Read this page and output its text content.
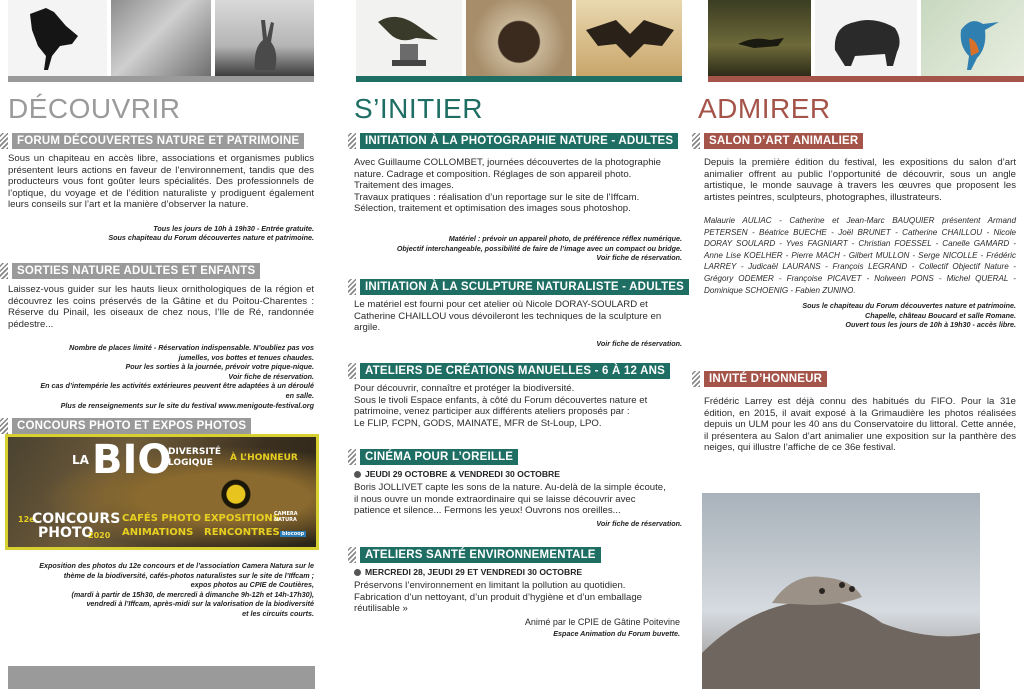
DÉCOUVRIR
FORUM DÉCOUVERTES NATURE ET PATRIMOINE

Sous un chapiteau en accès libre, associations et organismes publics présentent leurs actions en faveur de l’environnement, tandis que des producteurs vous font goûter leurs spécialités. Des professionnels de l’optique, du voyage et de l’édition naturaliste y prodiguent également leurs conseils sur l’art et la manière d’observer la nature.

Tous les jours de 10h à 19h30 - Entrée gratuite.

Sous chapiteau du Forum découvertes nature et patrimoine.

SORTIES NATURE ADULTES ET ENFANTS

Laissez-vous guider sur les hauts lieux ornithologiques de la région et découvrez les coins préservés de la Gâtine et du Poitou-Charentes : Réserve du Pinail, les oiseaux de chez nous, l’Ile de Ré, randonnée pédestre...

Nombre de places limité - Réservation indispensable. N’oubliez pas vos
jumelles, vos bottes et tenues chaudes.
Pour les sorties à la journée, prévoir votre pique-nique.
Voir fiche de réservation.
En cas d’intempérie les activités extérieures peuvent être adaptées à un déroulé
en salle.
Plus de renseignements sur le site du festival www.menigoute-festival.org
CONCOURS PHOTO ET EXPOS PHOTOS
LA BIO
DIVERSITÉ
LOGIQUE À L’HONNEUR
12e
CONCOURS
PHOTO
2020
CAFÉS PHOTO
ANIMATIONS
EXPOSITIONS
RENCONTRES
CAMERA NATURA
biocoop
Exposition des photos du 12e concours et de l’association Camera Natura sur le
thème de la biodiversité, cafés-photos naturalistes sur le site de l’Iffcam ;
expos photos au CPIE de Coutières,
(mardi à partir de 15h30, de mercredi à dimanche 9h-12h et 14h-17h30),
vendredi à l’Iffcam, après-midi sur la valorisation de la biodiversité
et les circuits courts.
S’INITIER
INITIATION À LA PHOTOGRAPHIE NATURE - ADULTES
Avec Guillaume COLLOMBET, journées découvertes de la photographie
nature. Cadrage et composition. Réglages de son appareil photo.
Traitement des images.
Travaux pratiques : réalisation d’un reportage sur le site de l’Iffcam.
Sélection, traitement et optimisation des images sous photoshop.
Matériel : prévoir un appareil photo, de préférence réflex numérique.
Objectif interchangeable, possibilité de faire de l’image avec un compact ou bridge.
Voir fiche de réservation.
INITIATION À LA SCULPTURE NATURALISTE - ADULTES

Le matériel est fourni pour cet atelier où Nicole DORAY-SOULARD et Catherine CHAILLOU vous dévoileront les techniques de la sculpture en argile.

Voir fiche de réservation.

ATELIERS DE CRÉATIONS MANUELLES - 6 À 12 ANS
Pour découvrir, connaître et protéger la biodiversité.
Sous le tivoli Espace enfants, à côté du Forum découvertes nature et
patrimoine, venez participer aux différents ateliers proposés par :
Le FLIP, FCPN, GODS, MAINATE, MFR de St-Loup, LPO.
CINÉMA POUR L’OREILLE
JEUDI 29 OCTOBRE & VENDREDI 30 OCTOBRE
Boris JOLLIVET capte les sons de la nature. Au-delà de la simple écoute,
il nous ouvre un monde extraordinaire qui se laisse découvrir avec
patience et silence... Fermons les yeux! Ouvrons nos oreilles...

Voir fiche de réservation.

ATELIERS SANTÉ ENVIRONNEMENTALE
MERCREDI 28, JEUDI 29 ET VENDREDI 30 OCTOBRE
Préservons l’environnement en limitant la pollution au quotidien.
Fabrication d’un nettoyant, d’un produit d’hygiène et d’un emballage
réutilisable »

Animé par le CPIE de Gâtine Poitevine

Espace Animation du Forum buvette.

ADMIRER
SALON D’ART ANIMALIER

Depuis la première édition du festival, les expositions du salon d’art animalier offrent au public l’opportunité de découvrir, sous un angle artistique, le monde sauvage à travers les œuvres que proposent les artistes peintres, sculpteurs, photographes, illustrateurs.

Malaurie AULIAC - Catherine et Jean-Marc BAUQUIER présentent Armand PETERSEN - Béatrice BUECHE - Joël BRUNET - Catherine CHAILLOU - Nicole DORAY SOULARD - Yves FAGNIART - Christian FOESSEL - Canelle GAMARD - Anne Lise KOELHER - Pierre MACH - Gilbert MULLON - Serge NICOLLE - Frédéric LARREY - Judicaël LAURANS - François LEGRAND - Collectif Objectif Nature - Grégory ODEMER - Françoise PICAVET - Nolween PONS - Michel QUERAL - Dominique SCHOENIG - Fabien ZUNINO.

Sous le chapiteau du Forum découvertes nature et patrimoine.
Chapelle, château Boucard et salle Romane.
Ouvert tous les jours de 10h à 19h30 - accès libre.
INVITÉ D’HONNEUR

Frédéric Larrey est déjà connu des habitués du FIFO. Pour la 31e édition, en 2015, il avait exposé à la Grimaudière les photos réalisées depuis un ULM pour les 40 ans du Conservatoire du littoral. Cette année, il présentera au Salon d’art animalier une exposition sur la panthère des neiges, qui illustre l’affiche de ce 36e festival.
